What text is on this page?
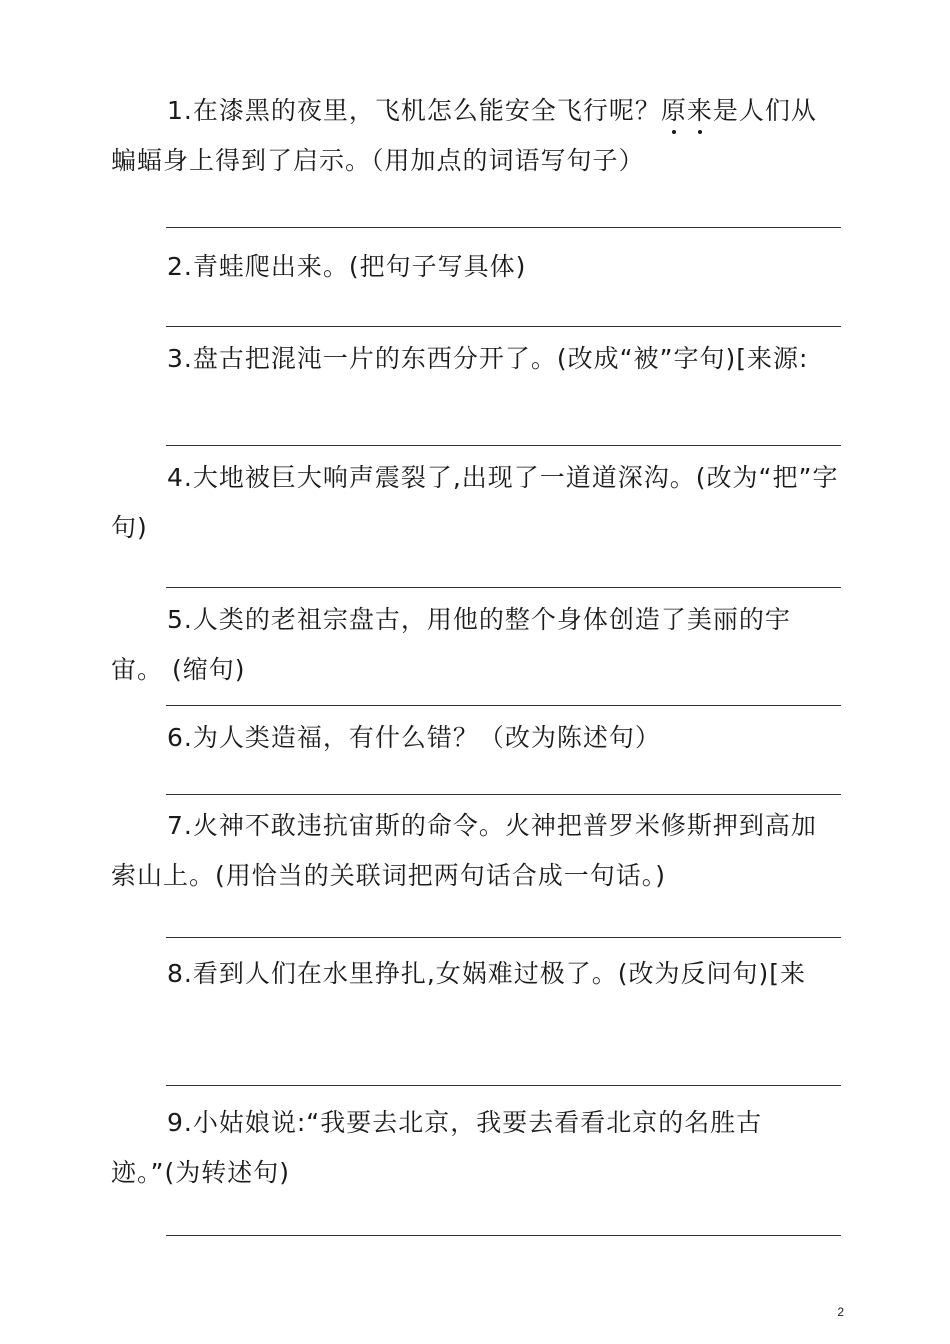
1.在漆黑的夜里，飞机怎么能安全飞行呢？原来是人们从蝙蝠身上得到了启示。（用加点的词语写句子）

2.青蛙爬出来。(把句子写具体)

3.盘古把混沌一片的东西分开了。(改成“被”字句)[来源:

4.大地被巨大响声震裂了,出现了一道道深沟。(改为“把”字句)

5.人类的老祖宗盘古，用他的整个身体创造了美丽的宇宙。 (缩句)

6.为人类造福，有什么错？（改为陈述句）

7.火神不敢违抗宙斯的命令。火神把普罗米修斯押到高加索山上。(用恰当的关联词把两句话合成一句话。)

8.看到人们在水里挣扎,女娲难过极了。(改为反问句)[来

9.小姑娘说:“我要去北京，我要去看看北京的名胜古迹。”(为转述句)

2
